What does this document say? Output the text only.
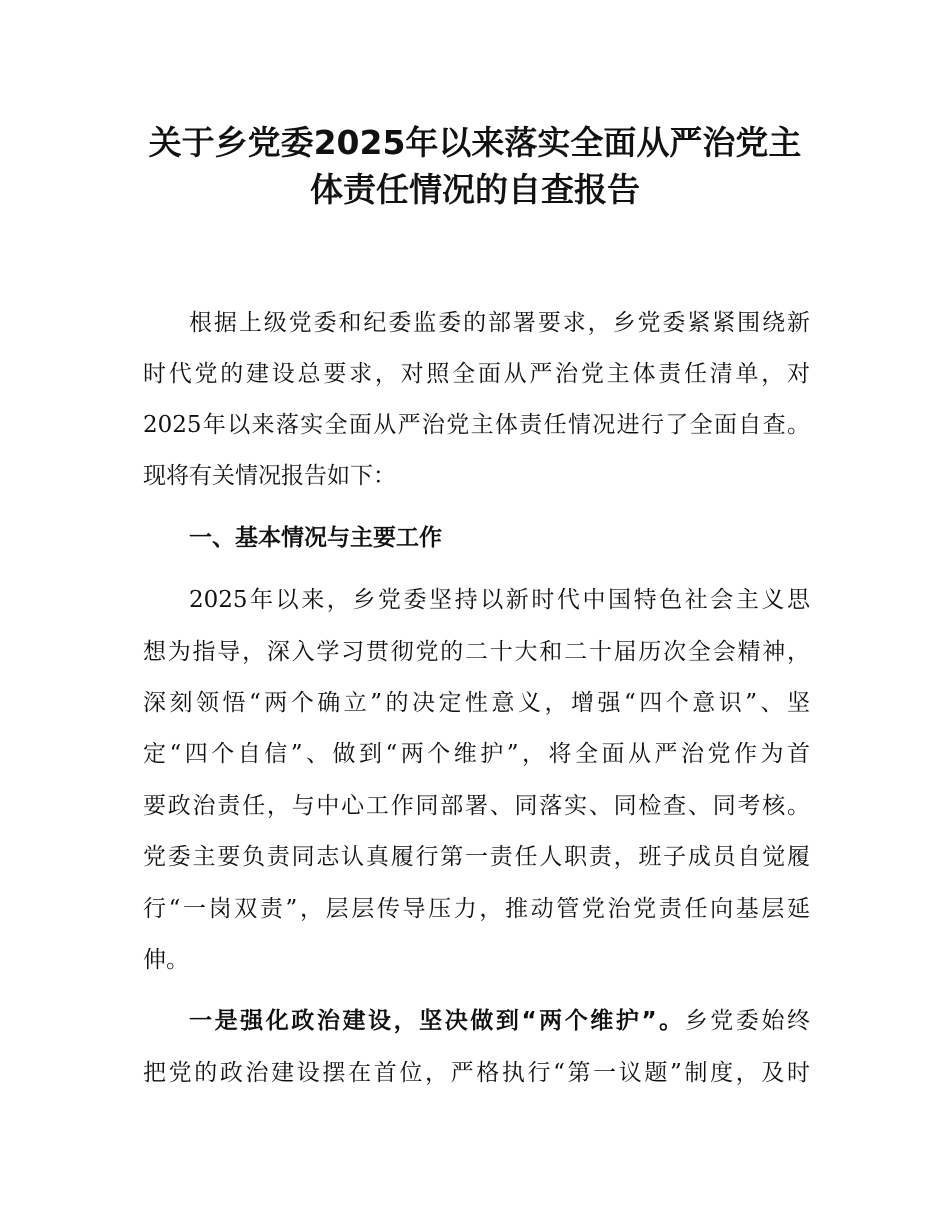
关于乡党委2025年以来落实全面从严治党主
体责任情况的自查报告
根据上级党委和纪委监委的部署要求，乡党委紧紧围绕新
时代党的建设总要求，对照全面从严治党主体责任清单，对
2025年以来落实全面从严治党主体责任情况进行了全面自查。
现将有关情况报告如下：
一、基本情况与主要工作
2025年以来，乡党委坚持以新时代中国特色社会主义思
想为指导，深入学习贯彻党的二十大和二十届历次全会精神，
深刻领悟“两个确立”的决定性意义，增强“四个意识”、坚
定“四个自信”、做到“两个维护”，将全面从严治党作为首
要政治责任，与中心工作同部署、同落实、同检查、同考核。
党委主要负责同志认真履行第一责任人职责，班子成员自觉履
行“一岗双责”，层层传导压力，推动管党治党责任向基层延
伸。
一是强化政治建设，坚决做到“两个维护”。乡党委始终
把党的政治建设摆在首位，严格执行“第一议题”制度，及时
